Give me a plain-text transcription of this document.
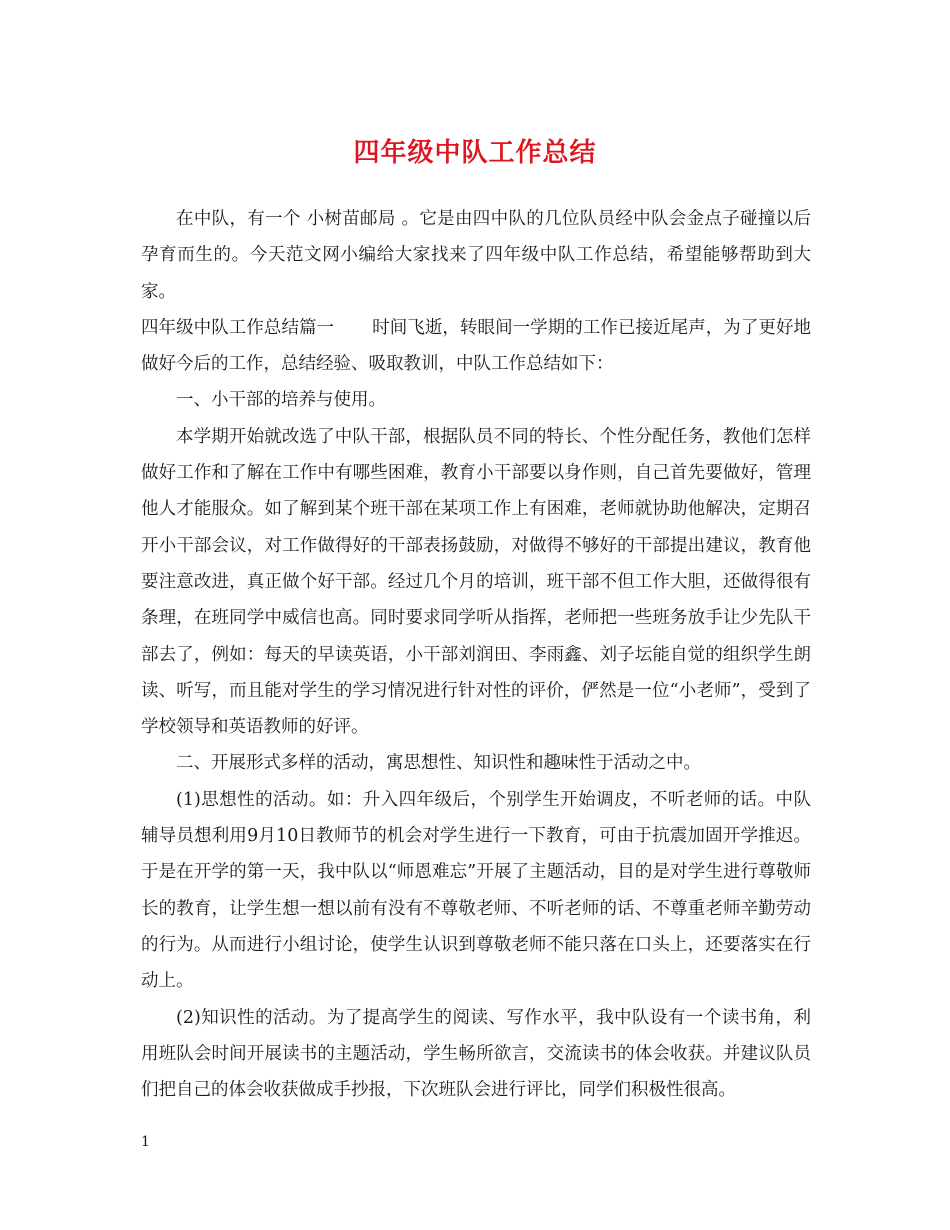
四年级中队工作总结

在中队，有一个 小树苗邮局 。它是由四中队的几位队员经中队会金点子碰撞以后孕育而生的。今天范文网小编给大家找来了四年级中队工作总结，希望能够帮助到大家。

四年级中队工作总结篇一 时间飞逝，转眼间一学期的工作已接近尾声，为了更好地做好今后的工作，总结经验、吸取教训，中队工作总结如下：

一、小干部的培养与使用。

本学期开始就改选了中队干部，根据队员不同的特长、个性分配任务，教他们怎样做好工作和了解在工作中有哪些困难，教育小干部要以身作则，自己首先要做好，管理他人才能服众。如了解到某个班干部在某项工作上有困难，老师就协助他解决，定期召开小干部会议，对工作做得好的干部表扬鼓励，对做得不够好的干部提出建议，教育他要注意改进，真正做个好干部。经过几个月的培训，班干部不但工作大胆，还做得很有条理，在班同学中威信也高。同时要求同学听从指挥，老师把一些班务放手让少先队干部去了，例如：每天的早读英语，小干部刘润田、李雨鑫、刘子坛能自觉的组织学生朗读、听写，而且能对学生的学习情况进行针对性的评价，俨然是一位“小老师”，受到了学校领导和英语教师的好评。

二、开展形式多样的活动，寓思想性、知识性和趣味性于活动之中。

(1)思想性的活动。如：升入四年级后，个别学生开始调皮，不听老师的话。中队辅导员想利用9月10日教师节的机会对学生进行一下教育，可由于抗震加固开学推迟。于是在开学的第一天，我中队以“师恩难忘”开展了主题活动，目的是对学生进行尊敬师长的教育，让学生想一想以前有没有不尊敬老师、不听老师的话、不尊重老师辛勤劳动的行为。从而进行小组讨论，使学生认识到尊敬老师不能只落在口头上，还要落实在行动上。

(2)知识性的活动。为了提高学生的阅读、写作水平，我中队设有一个读书角，利用班队会时间开展读书的主题活动，学生畅所欲言，交流读书的体会收获。并建议队员们把自己的体会收获做成手抄报，下次班队会进行评比，同学们积极性很高。

1
